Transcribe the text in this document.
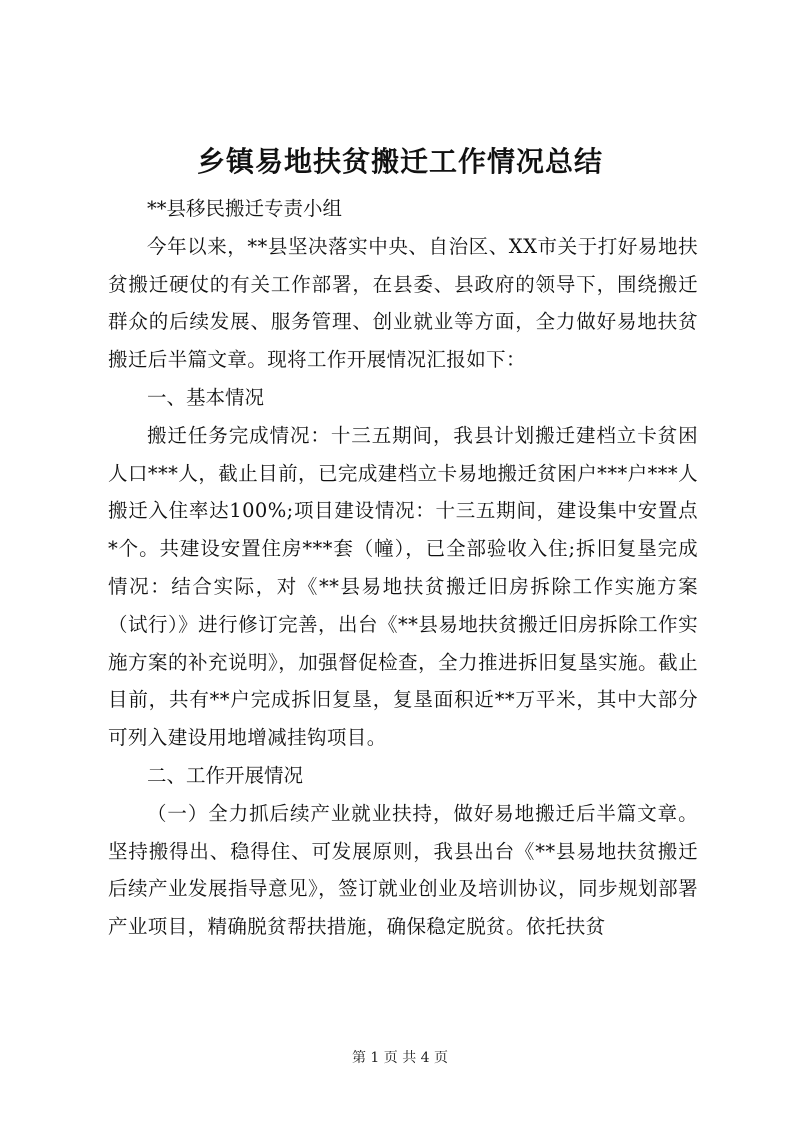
乡镇易地扶贫搬迁工作情况总结

**县移民搬迁专责小组

今年以来，**县坚决落实中央、自治区、XX市关于打好易地扶贫搬迁硬仗的有关工作部署，在县委、县政府的领导下，围绕搬迁群众的后续发展、服务管理、创业就业等方面，全力做好易地扶贫搬迁后半篇文章。现将工作开展情况汇报如下：

一、基本情况

搬迁任务完成情况：十三五期间，我县计划搬迁建档立卡贫困人口***人，截止目前，已完成建档立卡易地搬迁贫困户***户***人搬迁入住率达100%;项目建设情况：十三五期间，建设集中安置点*个。共建设安置住房***套（幢），已全部验收入住;拆旧复垦完成情况：结合实际，对《**县易地扶贫搬迁旧房拆除工作实施方案（试行）》进行修订完善，出台《**县易地扶贫搬迁旧房拆除工作实施方案的补充说明》，加强督促检查，全力推进拆旧复垦实施。截止目前，共有**户完成拆旧复垦，复垦面积近**万平米，其中大部分可列入建设用地增减挂钩项目。

二、工作开展情况

（一）全力抓后续产业就业扶持，做好易地搬迁后半篇文章。坚持搬得出、稳得住、可发展原则，我县出台《**县易地扶贫搬迁后续产业发展指导意见》，签订就业创业及培训协议，同步规划部署产业项目，精确脱贫帮扶措施，确保稳定脱贫。依托扶贫

第 1 页 共 4 页
